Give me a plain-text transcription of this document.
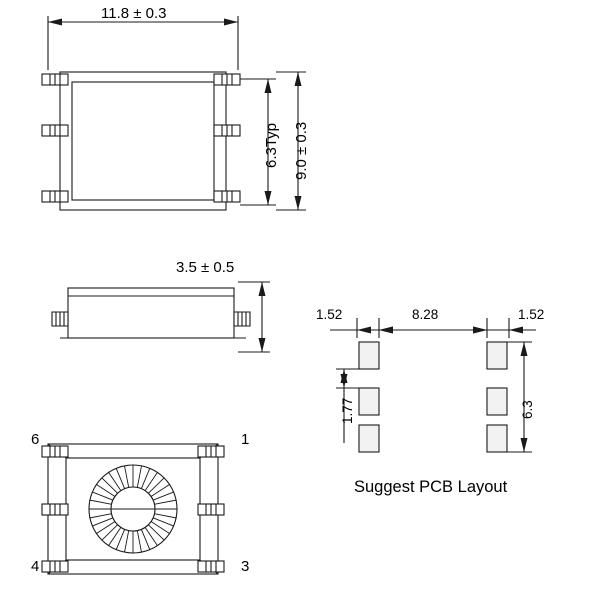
11.8 ± 0.3
6.3Typ 9.0 ± 0.3
3.5 ± 0.5
1.52	8.28	1.52
1.77	6.3
Suggest PCB Layout
6	1
4	3
